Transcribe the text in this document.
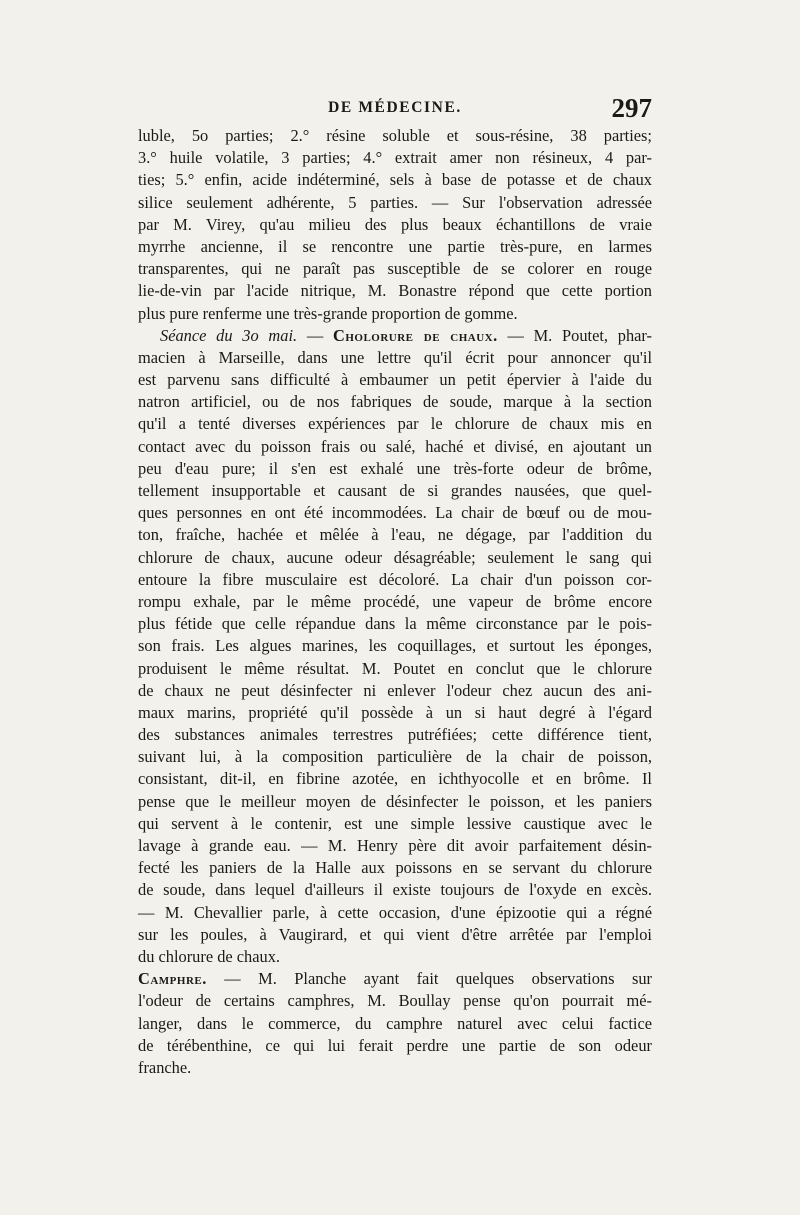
DE MÉDECINE.	297
luble, 5o parties; 2.° résine soluble et sous-résine, 38 parties;
3.° huile volatile, 3 parties; 4.° extrait amer non résineux, 4 par-
ties; 5.° enfin, acide indéterminé, sels à base de potasse et de chaux
silice seulement adhérente, 5 parties. — Sur l'observation adressée
par M. Virey, qu'au milieu des plus beaux échantillons de vraie
myrrhe ancienne, il se rencontre une partie très-pure, en larmes
transparentes, qui ne paraît pas susceptible de se colorer en rouge
lie-de-vin par l'acide nitrique, M. Bonastre répond que cette portion
plus pure renferme une très-grande proportion de gomme.
Séance du 3o mai. — Cholorure de chaux. — M. Poutet, phar-
macien à Marseille, dans une lettre qu'il écrit pour annoncer qu'il
est parvenu sans difficulté à embaumer un petit épervier à l'aide du
natron artificiel, ou de nos fabriques de soude, marque à la section
qu'il a tenté diverses expériences par le chlorure de chaux mis en
contact avec du poisson frais ou salé, haché et divisé, en ajoutant un
peu d'eau pure; il s'en est exhalé une très-forte odeur de brôme,
tellement insupportable et causant de si grandes nausées, que quel-
ques personnes en ont été incommodées. La chair de bœuf ou de mou-
ton, fraîche, hachée et mêlée à l'eau, ne dégage, par l'addition du
chlorure de chaux, aucune odeur désagréable; seulement le sang qui
entoure la fibre musculaire est décoloré. La chair d'un poisson cor-
rompu exhale, par le même procédé, une vapeur de brôme encore
plus fétide que celle répandue dans la même circonstance par le pois-
son frais. Les algues marines, les coquillages, et surtout les éponges,
produisent le même résultat. M. Poutet en conclut que le chlorure
de chaux ne peut désinfecter ni enlever l'odeur chez aucun des ani-
maux marins, propriété qu'il possède à un si haut degré à l'égard
des substances animales terrestres putréfiées; cette différence tient,
suivant lui, à la composition particulière de la chair de poisson,
consistant, dit-il, en fibrine azotée, en ichthyocolle et en brôme. Il
pense que le meilleur moyen de désinfecter le poisson, et les paniers
qui servent à le contenir, est une simple lessive caustique avec le
lavage à grande eau. — M. Henry père dit avoir parfaitement désin-
fecté les paniers de la Halle aux poissons en se servant du chlorure
de soude, dans lequel d'ailleurs il existe toujours de l'oxyde en excès.
— M. Chevallier parle, à cette occasion, d'une épizootie qui a régné
sur les poules, à Vaugirard, et qui vient d'être arrêtée par l'emploi
du chlorure de chaux.
Camphre. — M. Planche ayant fait quelques observations sur
l'odeur de certains camphres, M. Boullay pense qu'on pourrait mé-
langer, dans le commerce, du camphre naturel avec celui factice
de térébenthine, ce qui lui ferait perdre une partie de son odeur
franche.
